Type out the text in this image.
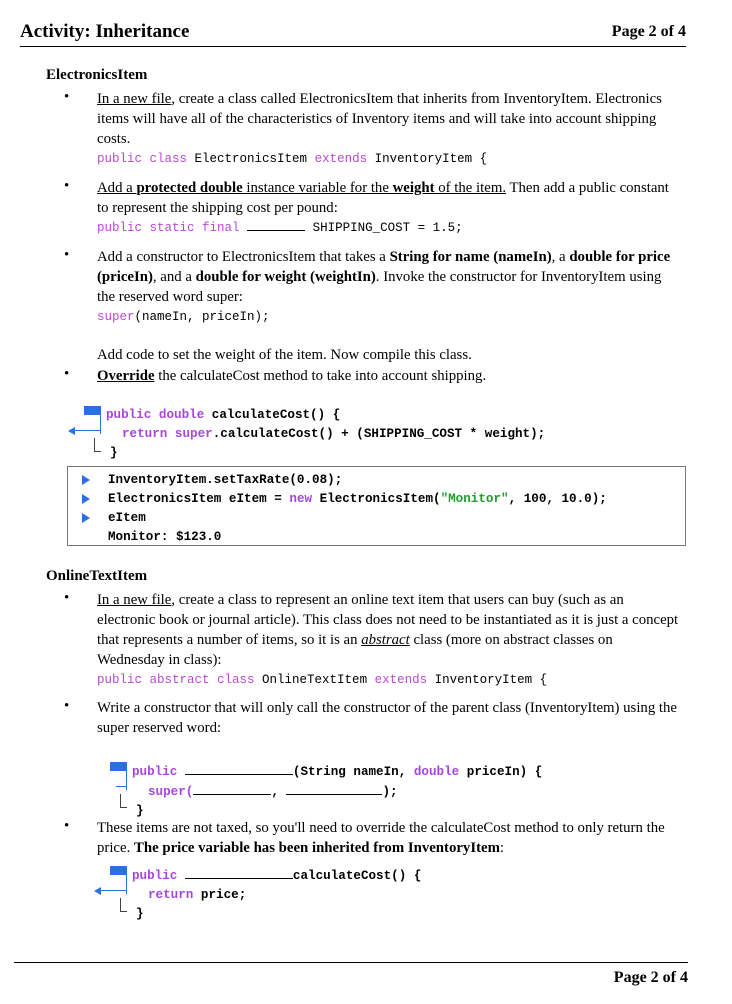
Activity: Inheritance	Page 2 of 4
ElectronicsItem
• In a new file, create a class called ElectronicsItem that inherits from InventoryItem. Electronics items will have all of the characteristics of Inventory items and will take into account shipping costs.

public class ElectronicsItem extends InventoryItem {
• Add a protected double instance variable for the weight of the item. Then add a public constant to represent the shipping cost per pound:

public static final	SHIPPING_COST = 1.5;
• Add a constructor to ElectronicsItem that takes a String for name (nameIn), a double for price (priceIn), and a double for weight (weightIn). Invoke the constructor for InventoryItem using the reserved word super:

super(nameIn, priceIn);

Add code to set the weight of the item. Now compile this class.

• Override the calculateCost method to take into account shipping.

public double calculateCost() {
return super.calculateCost() + (SHIPPING_COST * weight);
}
InventoryItem.setTaxRate(0.08);
ElectronicsItem eItem = new ElectronicsItem("Monitor", 100, 10.0);
eItem
Monitor: $123.0
OnlineTextItem
• In a new file, create a class to represent an online text item that users can buy (such as an electronic book or journal article). This class does not need to be instantiated as it is just a concept that represents a number of items, so it is an abstract class (more on abstract classes on Wednesday in class):

public abstract class OnlineTextItem extends InventoryItem {
• Write a constructor that will only call the constructor of the parent class (InventoryItem) using the super reserved word:

public	(String nameIn, double priceIn) {
super(	,	);
}
• These items are not taxed, so you'll need to override the calculateCost method to only return the price. The price variable has been inherited from InventoryItem:

public	calculateCost() {
return price;
}
Page 2 of 4
